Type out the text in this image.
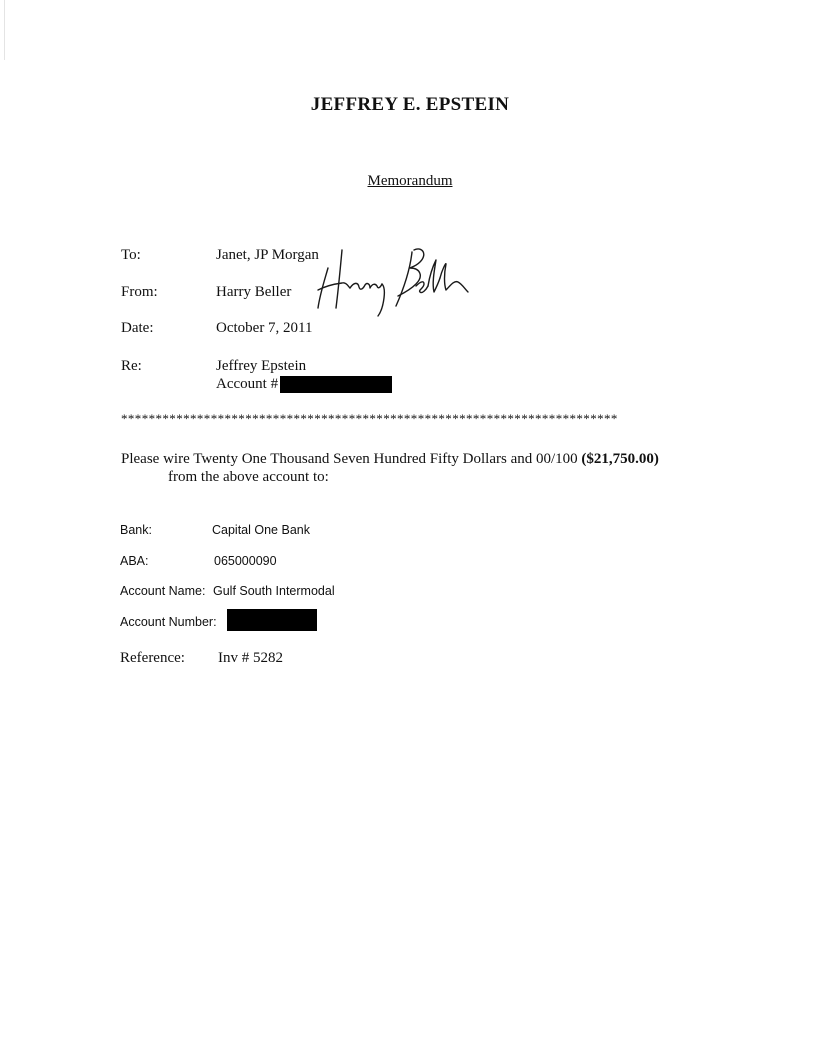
JEFFREY E. EPSTEIN
Memorandum
To:	Janet, JP Morgan
From:	Harry Beller
Date:	October 7, 2011
Re:	Jeffrey Epstein
Account #
************************************************************************
Please wire Twenty One Thousand Seven Hundred Fifty Dollars and 00/100 ($21,750.00)
from the above account to:
Bank:	Capital One Bank
ABA:	065000090
Account Name: Gulf South Intermodal
Account Number:
Reference: Inv # 5282
